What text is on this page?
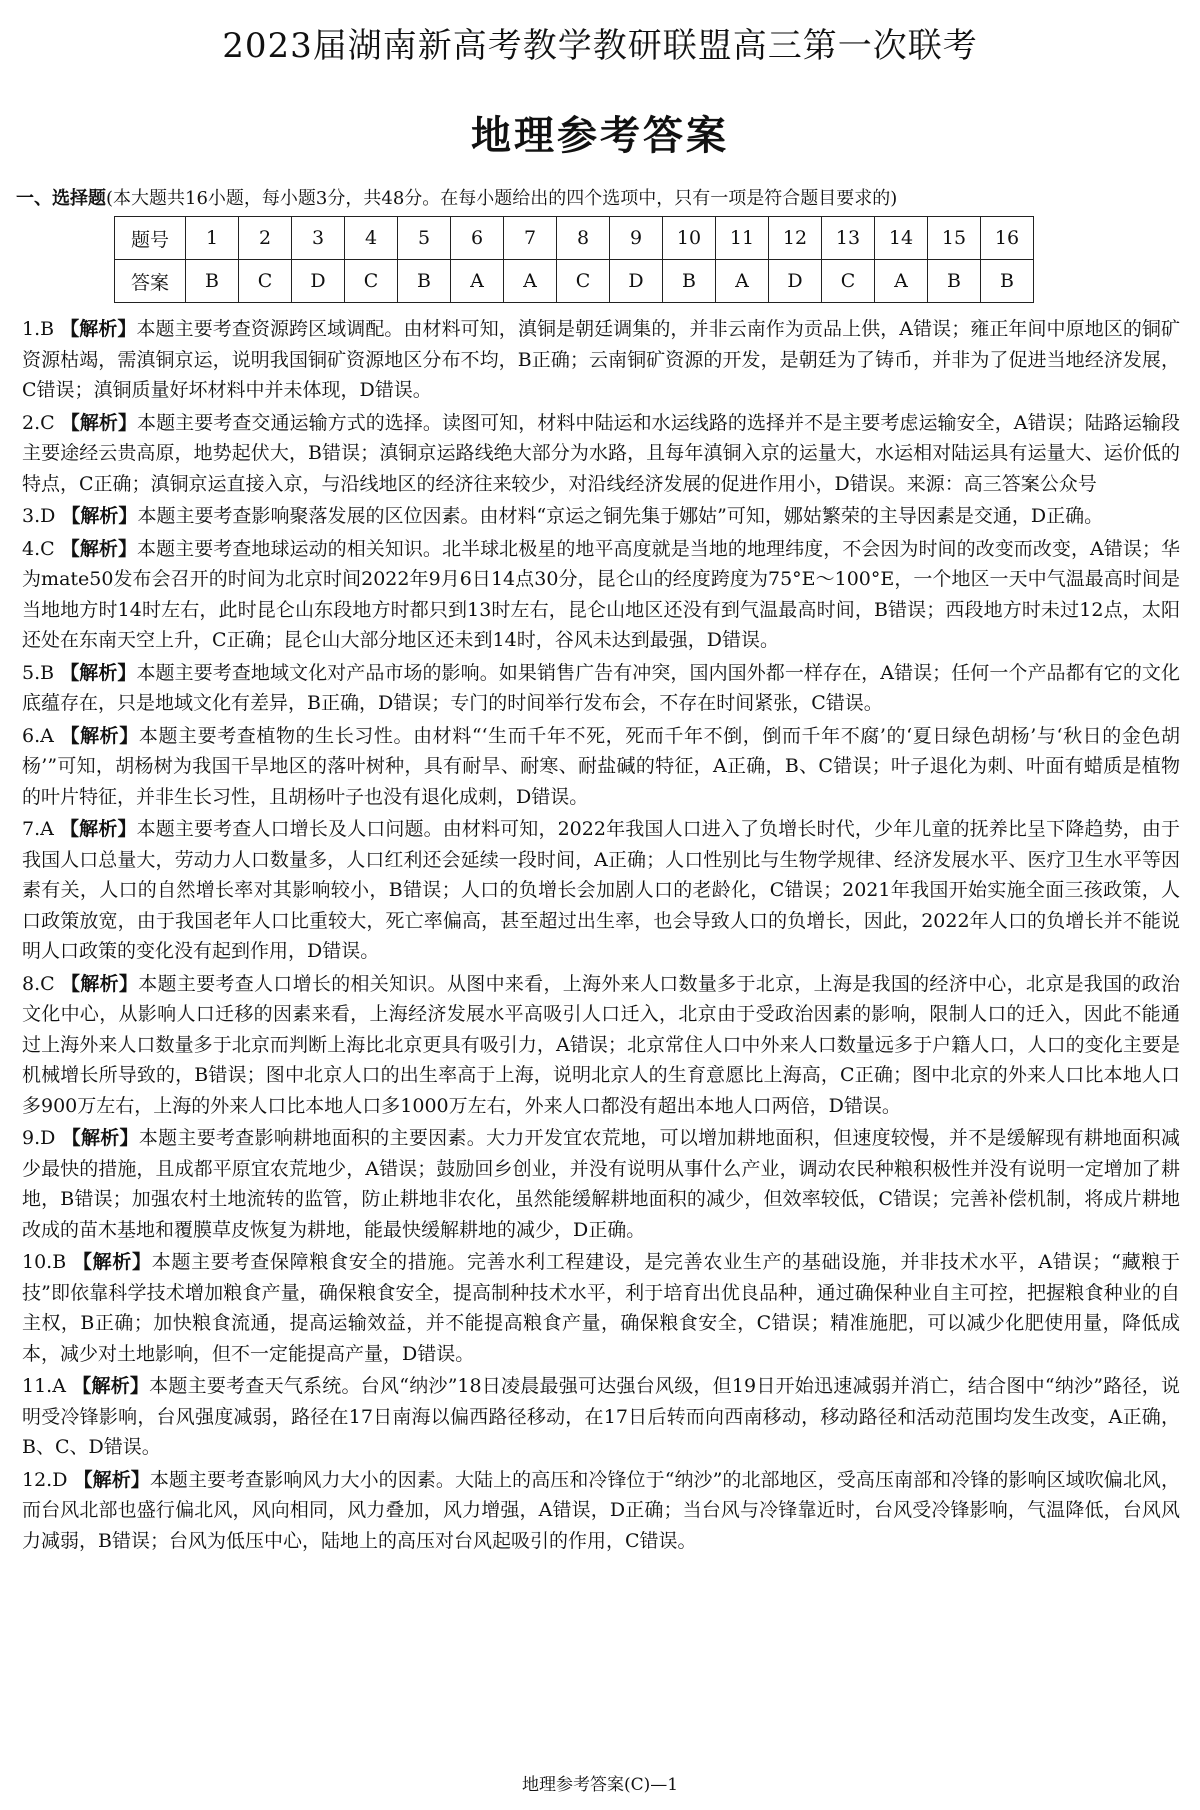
2023届湖南新高考教学教研联盟高三第一次联考
地理参考答案
一、选择题(本大题共16小题，每小题3分，共48分。在每小题给出的四个选项中，只有一项是符合题目要求的)
题号	1	2	3	4	5	6	7	8	9	10	11	12	13	14	15	16
答案	B	C	D	C	B	A	A	C	D	B	A	D	C	A	B	B

1.B 【解析】本题主要考查资源跨区域调配。由材料可知，滇铜是朝廷调集的，并非云南作为贡品上供，A错误；雍正年间中原地区的铜矿资源枯竭，需滇铜京运，说明我国铜矿资源地区分布不均，B正确；云南铜矿资源的开发，是朝廷为了铸币，并非为了促进当地经济发展，C错误；滇铜质量好坏材料中并未体现，D错误。

2.C 【解析】本题主要考查交通运输方式的选择。读图可知，材料中陆运和水运线路的选择并不是主要考虑运输安全，A错误；陆路运输段主要途经云贵高原，地势起伏大，B错误；滇铜京运路线绝大部分为水路，且每年滇铜入京的运量大，水运相对陆运具有运量大、运价低的特点，C正确；滇铜京运直接入京，与沿线地区的经济往来较少，对沿线经济发展的促进作用小，D错误。来源：高三答案公众号

3.D 【解析】本题主要考查影响聚落发展的区位因素。由材料“京运之铜先集于娜姑”可知，娜姑繁荣的主导因素是交通，D正确。

4.C 【解析】本题主要考查地球运动的相关知识。北半球北极星的地平高度就是当地的地理纬度，不会因为时间的改变而改变，A错误；华为mate50发布会召开的时间为北京时间2022年9月6日14点30分，昆仑山的经度跨度为75°E～100°E，一个地区一天中气温最高时间是当地地方时14时左右，此时昆仑山东段地方时都只到13时左右，昆仑山地区还没有到气温最高时间，B错误；西段地方时未过12点，太阳还处在东南天空上升，C正确；昆仑山大部分地区还未到14时，谷风未达到最强，D错误。

5.B 【解析】本题主要考查地域文化对产品市场的影响。如果销售广告有冲突，国内国外都一样存在，A错误；任何一个产品都有它的文化底蕴存在，只是地域文化有差异，B正确，D错误；专门的时间举行发布会，不存在时间紧张，C错误。

6.A 【解析】本题主要考查植物的生长习性。由材料“‘生而千年不死，死而千年不倒，倒而千年不腐’的‘夏日绿色胡杨’与‘秋日的金色胡杨’”可知，胡杨树为我国干旱地区的落叶树种，具有耐旱、耐寒、耐盐碱的特征，A正确，B、C错误；叶子退化为刺、叶面有蜡质是植物的叶片特征，并非生长习性，且胡杨叶子也没有退化成刺，D错误。

7.A 【解析】本题主要考查人口增长及人口问题。由材料可知，2022年我国人口进入了负增长时代，少年儿童的抚养比呈下降趋势，由于我国人口总量大，劳动力人口数量多，人口红利还会延续一段时间，A正确；人口性别比与生物学规律、经济发展水平、医疗卫生水平等因素有关，人口的自然增长率对其影响较小，B错误；人口的负增长会加剧人口的老龄化，C错误；2021年我国开始实施全面三孩政策，人口政策放宽，由于我国老年人口比重较大，死亡率偏高，甚至超过出生率，也会导致人口的负增长，因此，2022年人口的负增长并不能说明人口政策的变化没有起到作用，D错误。

8.C 【解析】本题主要考查人口增长的相关知识。从图中来看，上海外来人口数量多于北京，上海是我国的经济中心，北京是我国的政治文化中心，从影响人口迁移的因素来看，上海经济发展水平高吸引人口迁入，北京由于受政治因素的影响，限制人口的迁入，因此不能通过上海外来人口数量多于北京而判断上海比北京更具有吸引力，A错误；北京常住人口中外来人口数量远多于户籍人口，人口的变化主要是机械增长所导致的，B错误；图中北京人口的出生率高于上海，说明北京人的生育意愿比上海高，C正确；图中北京的外来人口比本地人口多900万左右，上海的外来人口比本地人口多1000万左右，外来人口都没有超出本地人口两倍，D错误。

9.D 【解析】本题主要考查影响耕地面积的主要因素。大力开发宜农荒地，可以增加耕地面积，但速度较慢，并不是缓解现有耕地面积减少最快的措施，且成都平原宜农荒地少，A错误；鼓励回乡创业，并没有说明从事什么产业，调动农民种粮积极性并没有说明一定增加了耕地，B错误；加强农村土地流转的监管，防止耕地非农化，虽然能缓解耕地面积的减少，但效率较低，C错误；完善补偿机制，将成片耕地改成的苗木基地和覆膜草皮恢复为耕地，能最快缓解耕地的减少，D正确。

10.B 【解析】本题主要考查保障粮食安全的措施。完善水利工程建设，是完善农业生产的基础设施，并非技术水平，A错误；“藏粮于技”即依靠科学技术增加粮食产量，确保粮食安全，提高制种技术水平，利于培育出优良品种，通过确保种业自主可控，把握粮食种业的自主权，B正确；加快粮食流通，提高运输效益，并不能提高粮食产量，确保粮食安全，C错误；精准施肥，可以减少化肥使用量，降低成本，减少对土地影响，但不一定能提高产量，D错误。

11.A 【解析】本题主要考查天气系统。台风“纳沙”18日凌晨最强可达强台风级，但19日开始迅速减弱并消亡，结合图中“纳沙”路径，说明受冷锋影响，台风强度减弱，路径在17日南海以偏西路径移动，在17日后转而向西南移动，移动路径和活动范围均发生改变，A正确，B、C、D错误。

12.D 【解析】本题主要考查影响风力大小的因素。大陆上的高压和冷锋位于“纳沙”的北部地区，受高压南部和冷锋的影响区域吹偏北风，而台风北部也盛行偏北风，风向相同，风力叠加，风力增强，A错误，D正确；当台风与冷锋靠近时，台风受冷锋影响，气温降低，台风风力减弱，B错误；台风为低压中心，陆地上的高压对台风起吸引的作用，C错误。

地理参考答案(C)—1
